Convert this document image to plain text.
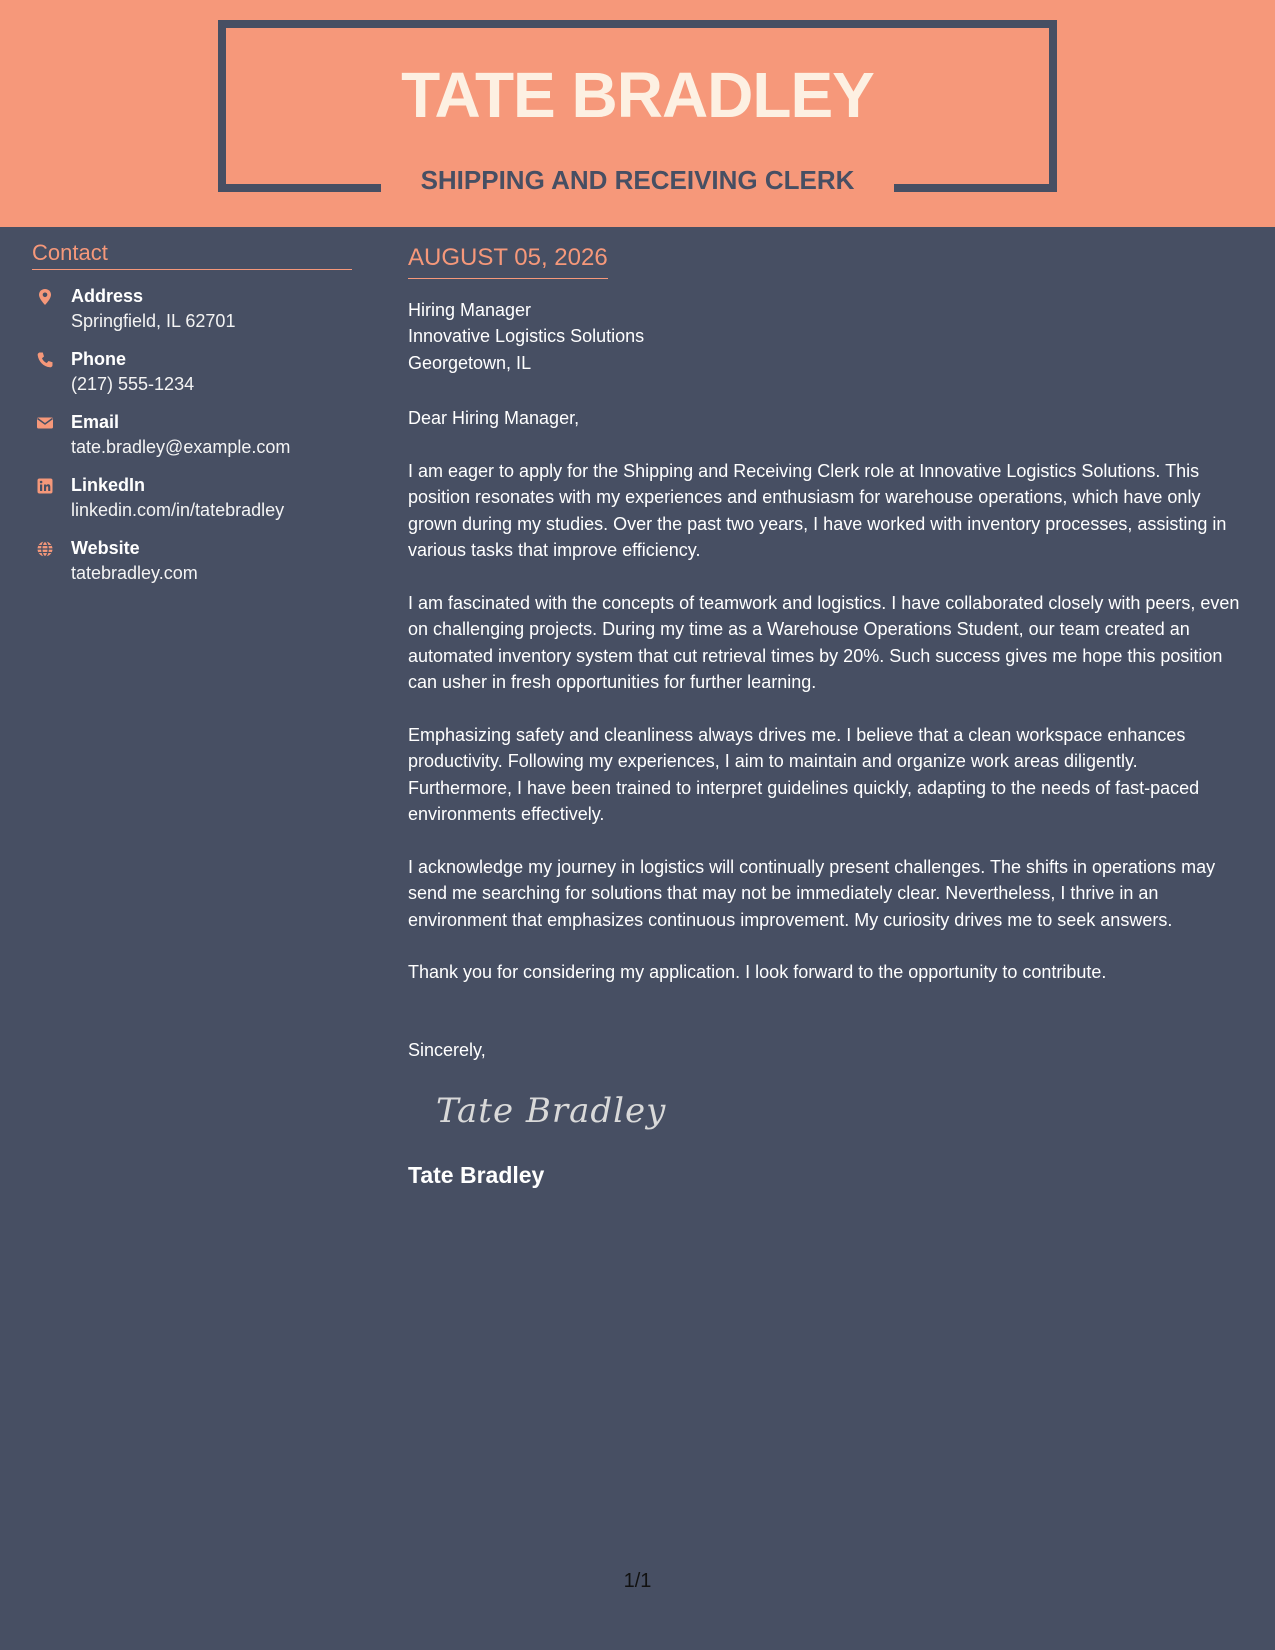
TATE BRADLEY
SHIPPING AND RECEIVING CLERK
Contact
Address
Springfield, IL 62701
Phone
(217) 555-1234
Email
tate.bradley@example.com
LinkedIn
linkedin.com/in/tatebradley
Website
tatebradley.com
AUGUST 05, 2026
Hiring Manager
Innovative Logistics Solutions
Georgetown, IL
Dear Hiring Manager,
I am eager to apply for the Shipping and Receiving Clerk role at Innovative Logistics Solutions. This position resonates with my experiences and enthusiasm for warehouse operations, which have only grown during my studies. Over the past two years, I have worked with inventory processes, assisting in various tasks that improve efficiency.
I am fascinated with the concepts of teamwork and logistics. I have collaborated closely with peers, even on challenging projects. During my time as a Warehouse Operations Student, our team created an automated inventory system that cut retrieval times by 20%. Such success gives me hope this position can usher in fresh opportunities for further learning.
Emphasizing safety and cleanliness always drives me. I believe that a clean workspace enhances productivity. Following my experiences, I aim to maintain and organize work areas diligently. Furthermore, I have been trained to interpret guidelines quickly, adapting to the needs of fast-paced environments effectively.
I acknowledge my journey in logistics will continually present challenges. The shifts in operations may send me searching for solutions that may not be immediately clear. Nevertheless, I thrive in an environment that emphasizes continuous improvement. My curiosity drives me to seek answers.
Thank you for considering my application. I look forward to the opportunity to contribute.
Sincerely,
Tate Bradley
Tate Bradley
1/1
